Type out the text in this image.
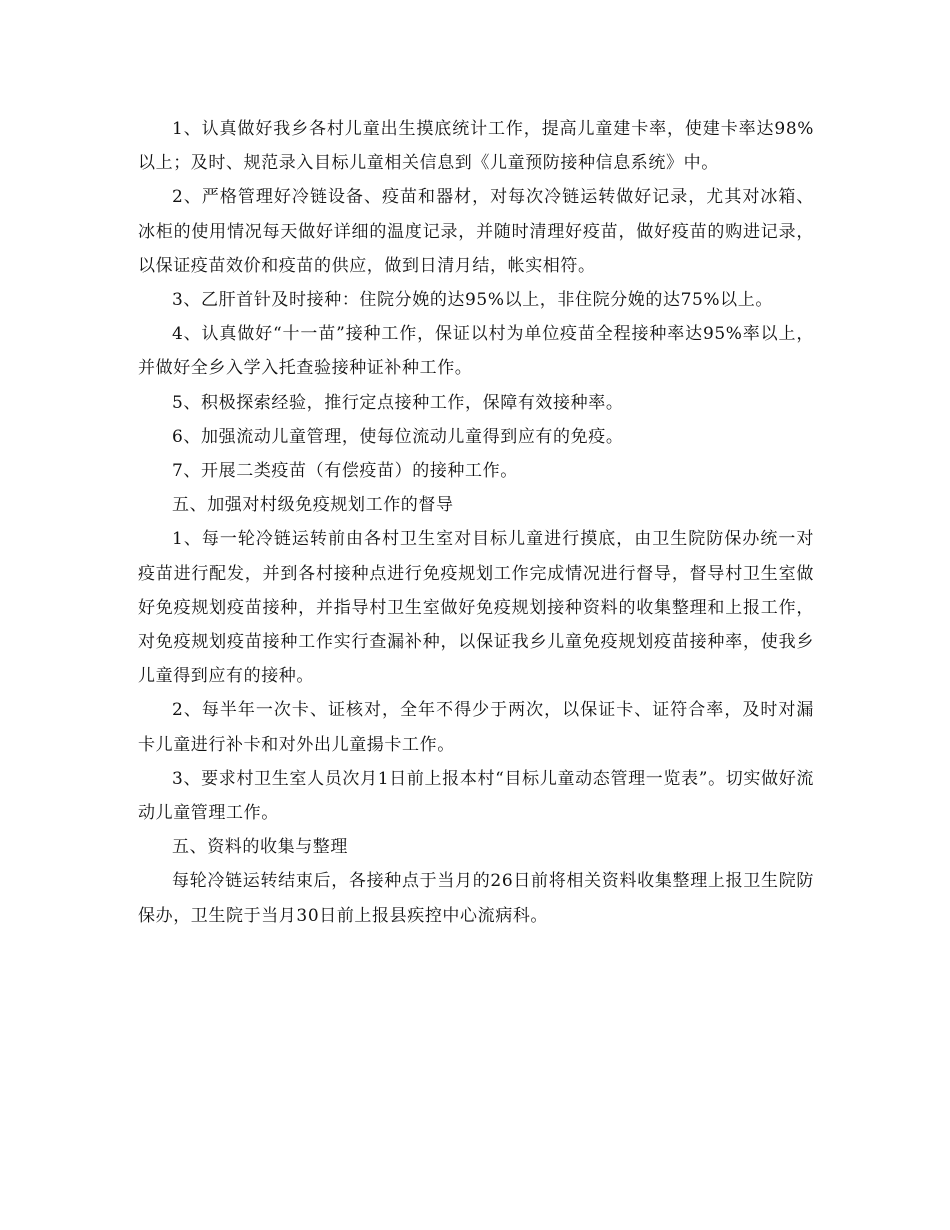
1、认真做好我乡各村儿童出生摸底统计工作，提高儿童建卡率，使建卡率达98%以上；及时、规范录入目标儿童相关信息到《儿童预防接种信息系统》中。

2、严格管理好冷链设备、疫苗和器材，对每次冷链运转做好记录，尤其对冰箱、冰柜的使用情况每天做好详细的温度记录，并随时清理好疫苗，做好疫苗的购进记录，以保证疫苗效价和疫苗的供应，做到日清月结，帐实相符。

3、乙肝首针及时接种：住院分娩的达95%以上，非住院分娩的达75%以上。

4、认真做好“十一苗”接种工作，保证以村为单位疫苗全程接种率达95%率以上，并做好全乡入学入托查验接种证补种工作。

5、积极探索经验，推行定点接种工作，保障有效接种率。

6、加强流动儿童管理，使每位流动儿童得到应有的免疫。

7、开展二类疫苗（有偿疫苗）的接种工作。

五、加强对村级免疫规划工作的督导

1、每一轮冷链运转前由各村卫生室对目标儿童进行摸底，由卫生院防保办统一对疫苗进行配发，并到各村接种点进行免疫规划工作完成情况进行督导，督导村卫生室做好免疫规划疫苗接种，并指导村卫生室做好免疫规划接种资料的收集整理和上报工作，对免疫规划疫苗接种工作实行查漏补种，以保证我乡儿童免疫规划疫苗接种率，使我乡儿童得到应有的接种。

2、每半年一次卡、证核对，全年不得少于两次，以保证卡、证符合率，及时对漏卡儿童进行补卡和对外出儿童揚卡工作。

3、要求村卫生室人员次月1日前上报本村“目标儿童动态管理一览表”。切实做好流动儿童管理工作。

五、资料的收集与整理

每轮冷链运转结束后，各接种点于当月的26日前将相关资料收集整理上报卫生院防保办，卫生院于当月30日前上报县疾控中心流病科。
